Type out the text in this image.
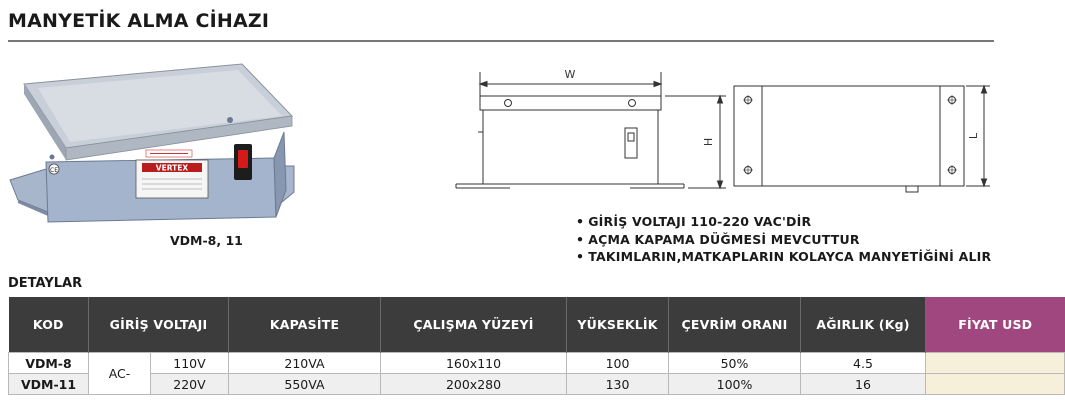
MANYETİK ALMA CİHAZI
CE	VERTEX
VDM-8, 11
W
H
L
• GİRİŞ VOLTAJI 110-220 VAC'DİR
• AÇMA KAPAMA DÜĞMESİ MEVCUTTUR
• TAKIMLARIN,MATKAPLARIN KOLAYCA MANYETİĞİNİ ALIR
DETAYLAR
KOD	GİRİŞ VOLTAJI		KAPASİTE	ÇALIŞMA YÜZEYİ	YÜKSEKLİK	ÇEVRİM ORANI	AĞIRLIK (Kg)	FİYAT USD
VDM-8	AC-	110V	210VA	160x110	100	50%	4.5	
VDM-11		220V	550VA	200x280	130	100%	16	
